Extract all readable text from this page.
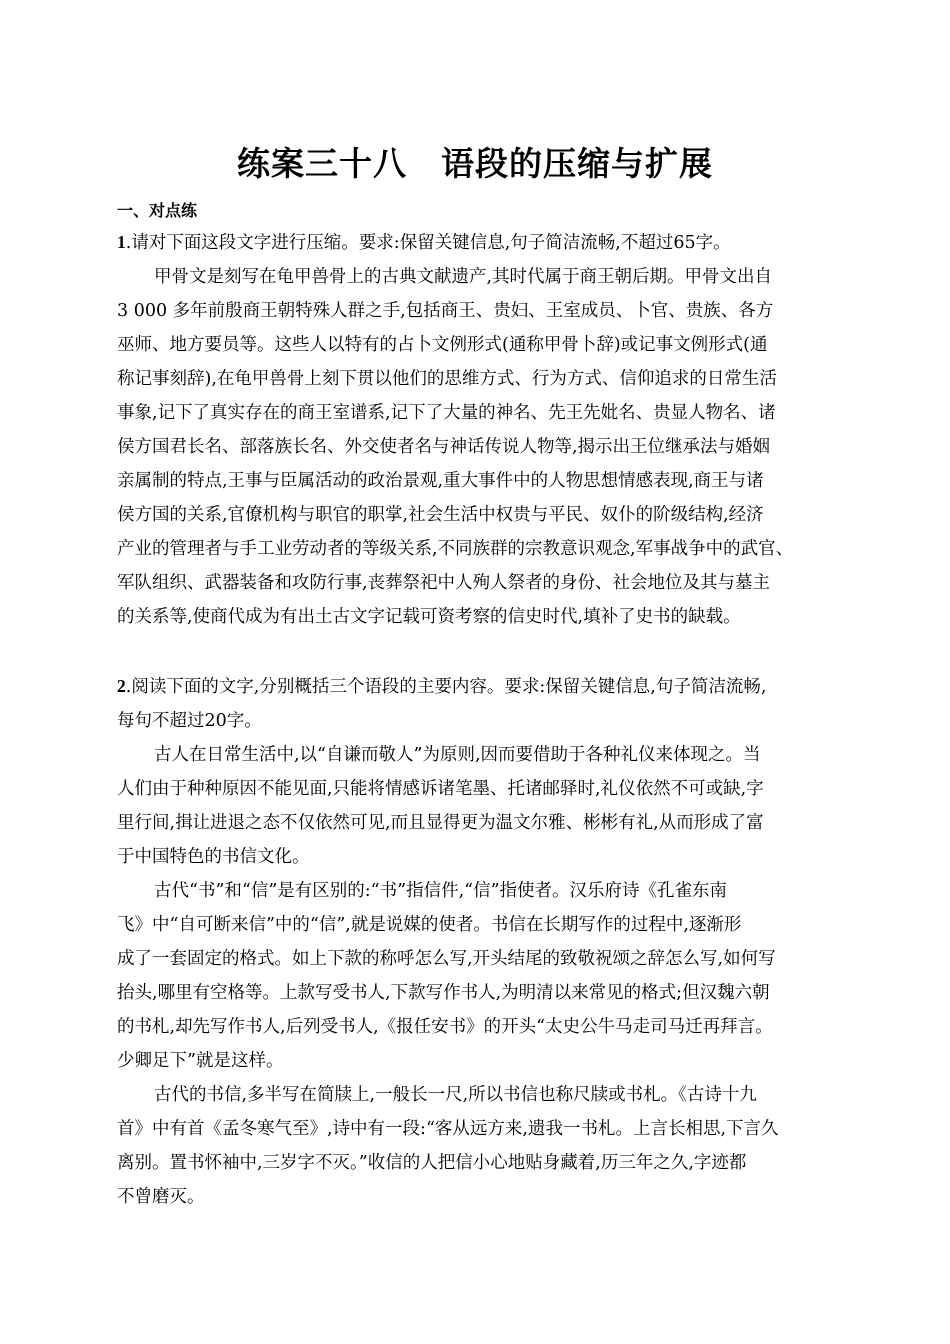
练案三十八　语段的压缩与扩展
一、对点练
1.请对下面这段文字进行压缩。要求:保留关键信息,句子简洁流畅,不超过65字。
甲骨文是刻写在龟甲兽骨上的古典文献遗产,其时代属于商王朝后期。甲骨文出自
3 000 多年前殷商王朝特殊人群之手,包括商王、贵妇、王室成员、卜官、贵族、各方
巫师、地方要员等。这些人以特有的占卜文例形式(通称甲骨卜辞)或记事文例形式(通
称记事刻辞),在龟甲兽骨上刻下贯以他们的思维方式、行为方式、信仰追求的日常生活
事象,记下了真实存在的商王室谱系,记下了大量的神名、先王先妣名、贵显人物名、诸
侯方国君长名、部落族长名、外交使者名与神话传说人物等,揭示出王位继承法与婚姻
亲属制的特点,王事与臣属活动的政治景观,重大事件中的人物思想情感表现,商王与诸
侯方国的关系,官僚机构与职官的职掌,社会生活中权贵与平民、奴仆的阶级结构,经济
产业的管理者与手工业劳动者的等级关系,不同族群的宗教意识观念,军事战争中的武官、
军队组织、武器装备和攻防行事,丧葬祭祀中人殉人祭者的身份、社会地位及其与墓主
的关系等,使商代成为有出土古文字记载可资考察的信史时代,填补了史书的缺载。
2.阅读下面的文字,分别概括三个语段的主要内容。要求:保留关键信息,句子简洁流畅,
每句不超过20字。
古人在日常生活中,以“自谦而敬人”为原则,因而要借助于各种礼仪来体现之。当
人们由于种种原因不能见面,只能将情感诉诸笔墨、托诸邮驿时,礼仪依然不可或缺,字
里行间,揖让进退之态不仅依然可见,而且显得更为温文尔雅、彬彬有礼,从而形成了富
于中国特色的书信文化。
古代“书”和“信”是有区别的:“书”指信件,“信”指使者。汉乐府诗《孔雀东南
飞》中“自可断来信”中的“信”,就是说媒的使者。书信在长期写作的过程中,逐渐形
成了一套固定的格式。如上下款的称呼怎么写,开头结尾的致敬祝颂之辞怎么写,如何写
抬头,哪里有空格等。上款写受书人,下款写作书人,为明清以来常见的格式;但汉魏六朝
的书札,却先写作书人,后列受书人,《报任安书》的开头“太史公牛马走司马迁再拜言。
少卿足下”就是这样。
古代的书信,多半写在简牍上,一般长一尺,所以书信也称尺牍或书札。《古诗十九
首》中有首《孟冬寒气至》,诗中有一段:“客从远方来,遗我一书札。上言长相思,下言久
离别。置书怀袖中,三岁字不灭。”收信的人把信小心地贴身藏着,历三年之久,字迹都
不曾磨灭。
